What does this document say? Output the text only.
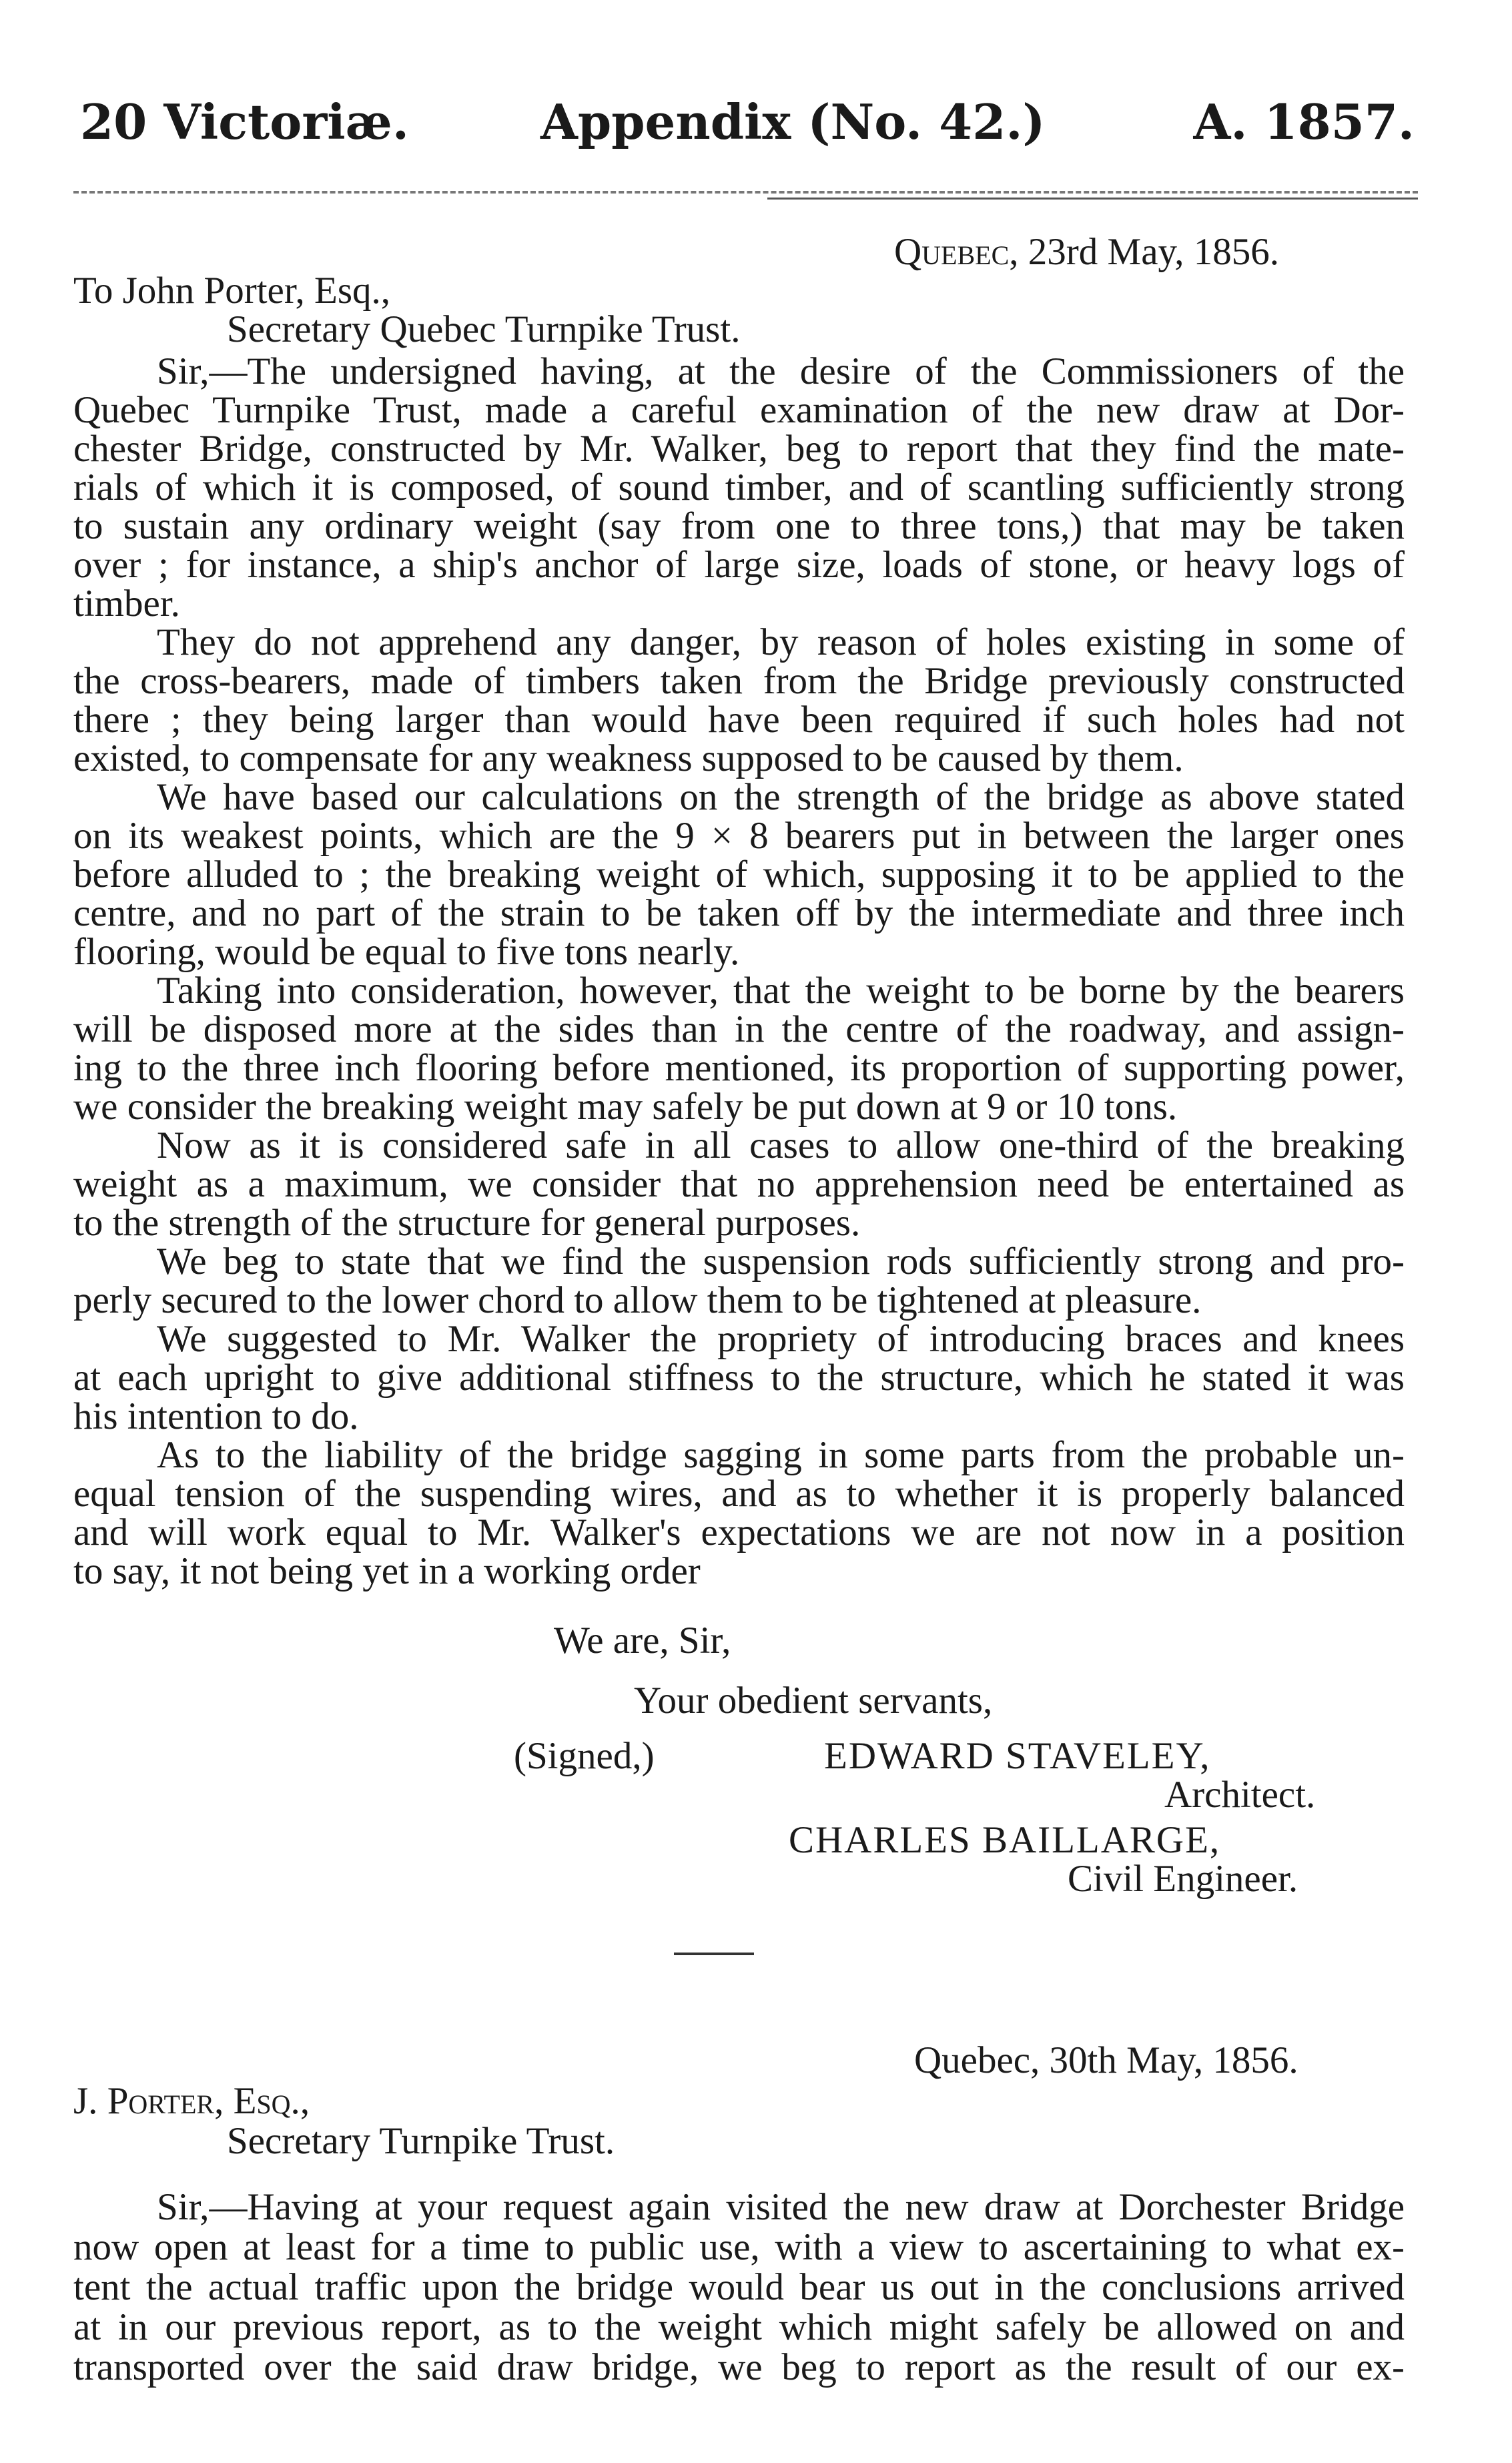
20 Victoriæ.	Appendix (No. 42.)	A. 1857.
Quebec, 23rd May, 1856.
To John Porter, Esq.,
Secretary Quebec Turnpike Trust.
Sir,—The undersigned having, at the desire of the Commissioners of the
Quebec Turnpike Trust, made a careful examination of the new draw at Dor-
chester Bridge, constructed by Mr. Walker, beg to report that they find the mate-
rials of which it is composed, of sound timber, and of scantling sufficiently strong
to sustain any ordinary weight (say from one to three tons,) that may be taken
over ; for instance, a ship's anchor of large size, loads of stone, or heavy logs of
timber.
They do not apprehend any danger, by reason of holes existing in some of
the cross-bearers, made of timbers taken from the Bridge previously constructed
there ; they being larger than would have been required if such holes had not
existed, to compensate for any weakness supposed to be caused by them.
We have based our calculations on the strength of the bridge as above stated
on its weakest points, which are the 9 × 8 bearers put in between the larger ones
before alluded to ; the breaking weight of which, supposing it to be applied to the
centre, and no part of the strain to be taken off by the intermediate and three inch
flooring, would be equal to five tons nearly.
Taking into consideration, however, that the weight to be borne by the bearers
will be disposed more at the sides than in the centre of the roadway, and assign-
ing to the three inch flooring before mentioned, its proportion of supporting power,
we consider the breaking weight may safely be put down at 9 or 10 tons.
Now as it is considered safe in all cases to allow one-third of the breaking
weight as a maximum, we consider that no apprehension need be entertained as
to the strength of the structure for general purposes.
We beg to state that we find the suspension rods sufficiently strong and pro-
perly secured to the lower chord to allow them to be tightened at pleasure.
We suggested to Mr. Walker the propriety of introducing braces and knees
at each upright to give additional stiffness to the structure, which he stated it was
his intention to do.
As to the liability of the bridge sagging in some parts from the probable un-
equal tension of the suspending wires, and as to whether it is properly balanced
and will work equal to Mr. Walker's expectations we are not now in a position
to say, it not being yet in a working order
We are, Sir,
Your obedient servants,
(Signed,)	EDWARD STAVELEY,
Architect.
CHARLES BAILLARGE,
Civil Engineer.
Quebec, 30th May, 1856.
J. Porter, Esq.,
Secretary Turnpike Trust.
Sir,—Having at your request again visited the new draw at Dorchester Bridge
now open at least for a time to public use, with a view to ascertaining to what ex-
tent the actual traffic upon the bridge would bear us out in the conclusions arrived
at in our previous report, as to the weight which might safely be allowed on and
transported over the said draw bridge, we beg to report as the result of our ex-
